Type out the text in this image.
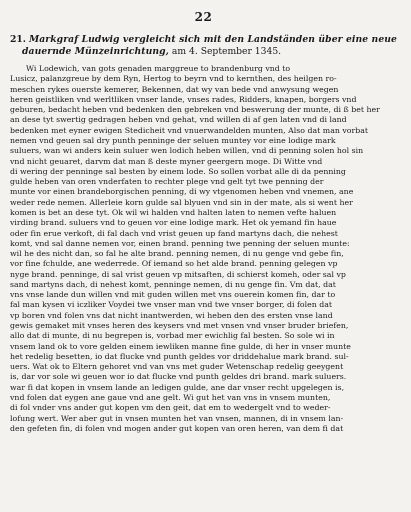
22
21. Markgraf Ludwig vergleicht sich mit den Landständen über eine neue dauernde Münzeinrichtung, am 4. September 1345.

Wi Lodewich, van gots genaden marggreue to brandenburg vnd to
Lusicz, palanzgreue by dem Ryn, Hertog to beyrn vnd to kernthen, des heilgen ro-
meschen rykes ouerste kemerer, Bekennen, dat wy van bede vnd anwysung wegen
heren geistliken vnd werltliken vnser lande, vnses rades, Ridders, knapen, borgers vnd
geburen, bedacht heben vnd bedenken den gebreken vnd beswerung der munte, di ß bet her
an dese tyt swertig gedragen heben vnd gehat, vnd willen di af gen laten vnd di land
bedenken met eyner ewigen Stedicheit vnd vnuerwandelden munten, Also dat man vorbat
nemen vnd geuen sal dry punth penninge der seluen muntey vor eine lodige mark
suluers, wan wi anders kein suluer wen lodich heben willen, vnd di penning solen hol sin
vnd nicht geuaret, darvm dat man ß deste myner geergern moge. Di Witte vnd
di wering der penninge sal besten by einem lode. So sollen vorbat alle di da penning
gulde heben van oren vnderfaten to rechter plege vnd gelt tyt twe penning der
munte vor einen brandeborgischen penning, di wy vtgenomen heben vnd vnemen, ane
weder rede nemen. Allerleie korn gulde sal blyuen vnd sin in der mate, als si went her
komen is bet an dese tyt. Ok wil wi halden vnd halten laten to nemen vefte haluen
virding brand. suluers vnd to geuen vor eine lodige mark. Het ok yemand fin haue
oder fin erue verkoft, di fal dach vnd vrist geuen up fand martyns dach, die nehest
komt, vnd sal danne nemen vor, einen brand. penning twe penning der seluen munte:
wil he des nicht dan, so fal he alte brand. penning nemen, di nu genge vnd gebe fin,
vor fine fchulde, ane wederrede. Of iemand so het alde brand. penning gelegen vp
nyge brand. penninge, di sal vrist geuen vp mitsaften, di schierst komeh, oder sal vp
sand martyns dach, di nehest komt, penninge nemen, di nu genge fin. Vm dat, dat
vns vnse lande dun willen vnd mit guden willen met vns ouerein komen fin, dar to
fal man kysen vi iczliker Voydei twe vnser man vnd twe vnser borger, di folen dat
vp boren vnd folen vns dat nicht inantwerden, wi heben den des ersten vnse land
gewis gemaket mit vnses heren des keysers vnd met vnsen vnd vnser bruder briefen,
allo dat di munte, di nu begrepen is, vorbad mer ewichlig fal besten. So sole wi in
vnsem land ok to vore gelden einem iewliken manne fine gulde, di her in vnser munte
het redelig besetten, io dat flucke vnd punth geldes vor driddehalue mark brand. sul-
uers. Wat ok to Eltern gehoret vnd van vns met guder Wetenschap redelig geeygent
is, dar vor sole wi geuen wor io dat flucke vnd punth geldes dri brand. mark suluers.
war fi dat kopen in vnsem lande an ledigen gulde, ane dar vnser recht upgelegen is,
vnd folen dat eygen ane gaue vnd ane gelt. Wi gut het van vns in vnsem munten,
di fol vnder vns ander gut kopen vm den geit, dat em to wedergelt vnd to weder-
lofung wert. Wer aber gut in vnsen munten het van vnsen, mannen, di in vnsem lan-
den gefeten fin, di folen vnd mogen ander gut kopen van oren heren, van dem fi dat
